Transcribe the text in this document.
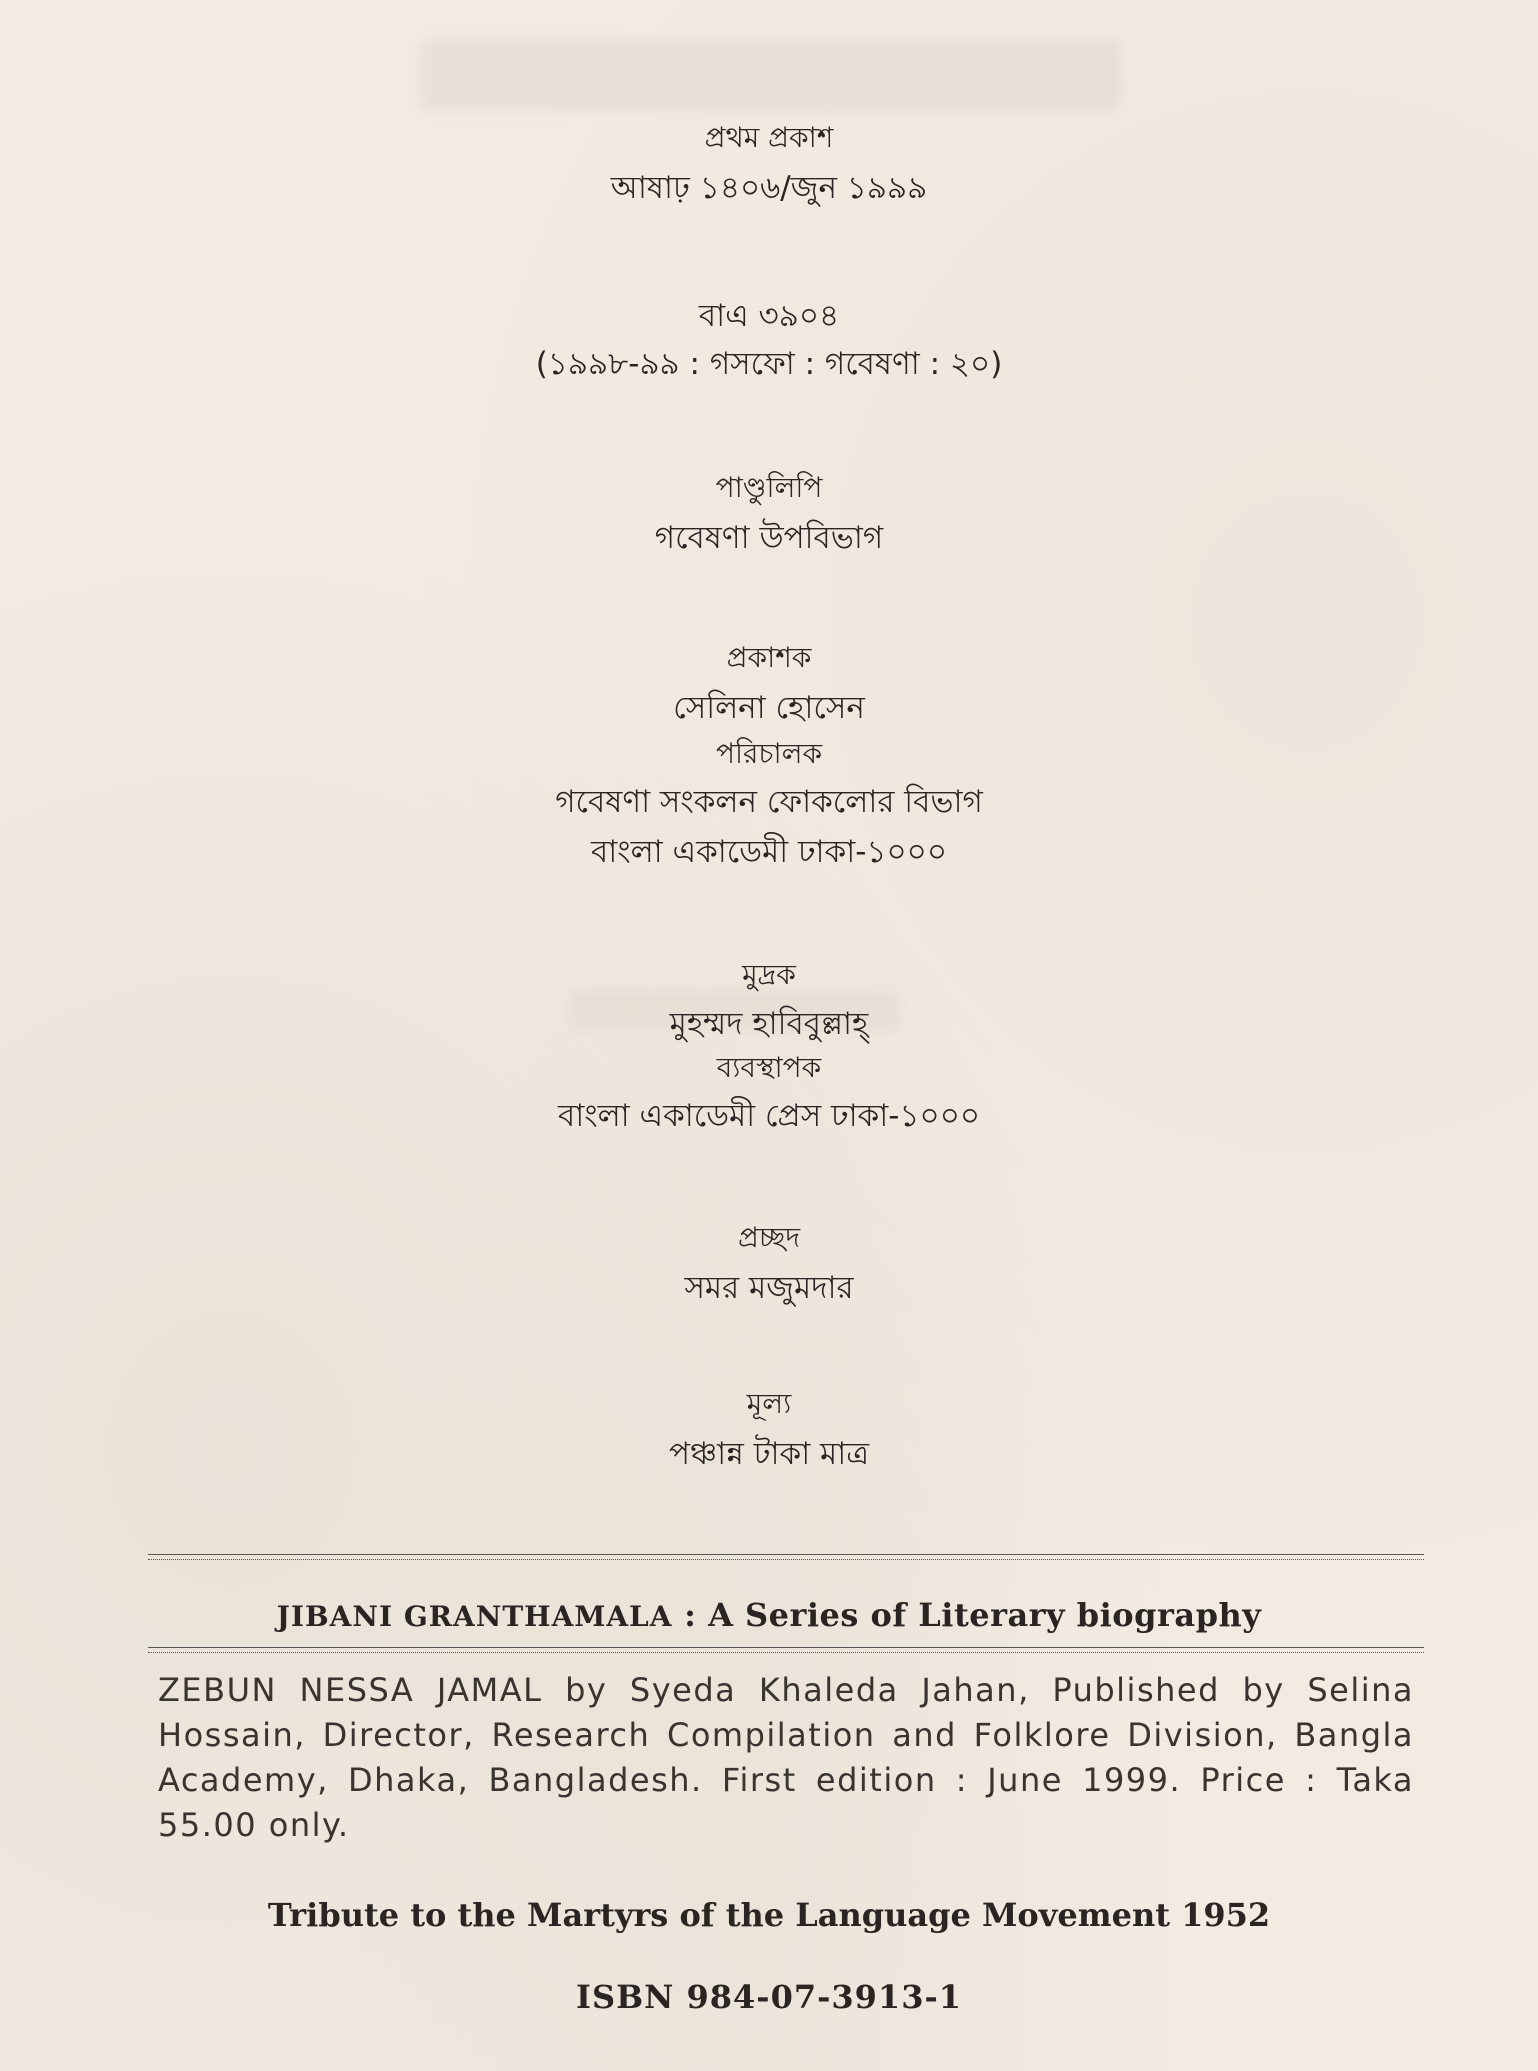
প্রথম প্রকাশ
আষাঢ় ১৪০৬/জুন ১৯৯৯
বাএ ৩৯০৪
(১৯৯৮-৯৯ : গসফো : গবেষণা : ২০)
পাণ্ডুলিপি
গবেষণা উপবিভাগ
প্রকাশক
সেলিনা হোসেন
পরিচালক
গবেষণা সংকলন ফোকলোর বিভাগ
বাংলা একাডেমী ঢাকা-১০০০
মুদ্রক
মুহম্মদ হাবিবুল্লাহ্
ব্যবস্থাপক
বাংলা একাডেমী প্রেস ঢাকা-১০০০
প্রচ্ছদ
সমর মজুমদার
মূল্য
পঞ্চান্ন টাকা মাত্র
JIBANI GRANTHAMALA : A Series of Literary biography
ZEBUN NESSA JAMAL by Syeda Khaleda Jahan, Published by Selina Hossain, Director, Research Compilation and Folklore Division, Bangla Academy, Dhaka, Bangladesh. First edition : June 1999. Price : Taka 55.00 only.
Tribute to the Martyrs of the Language Movement 1952
ISBN 984-07-3913-1
